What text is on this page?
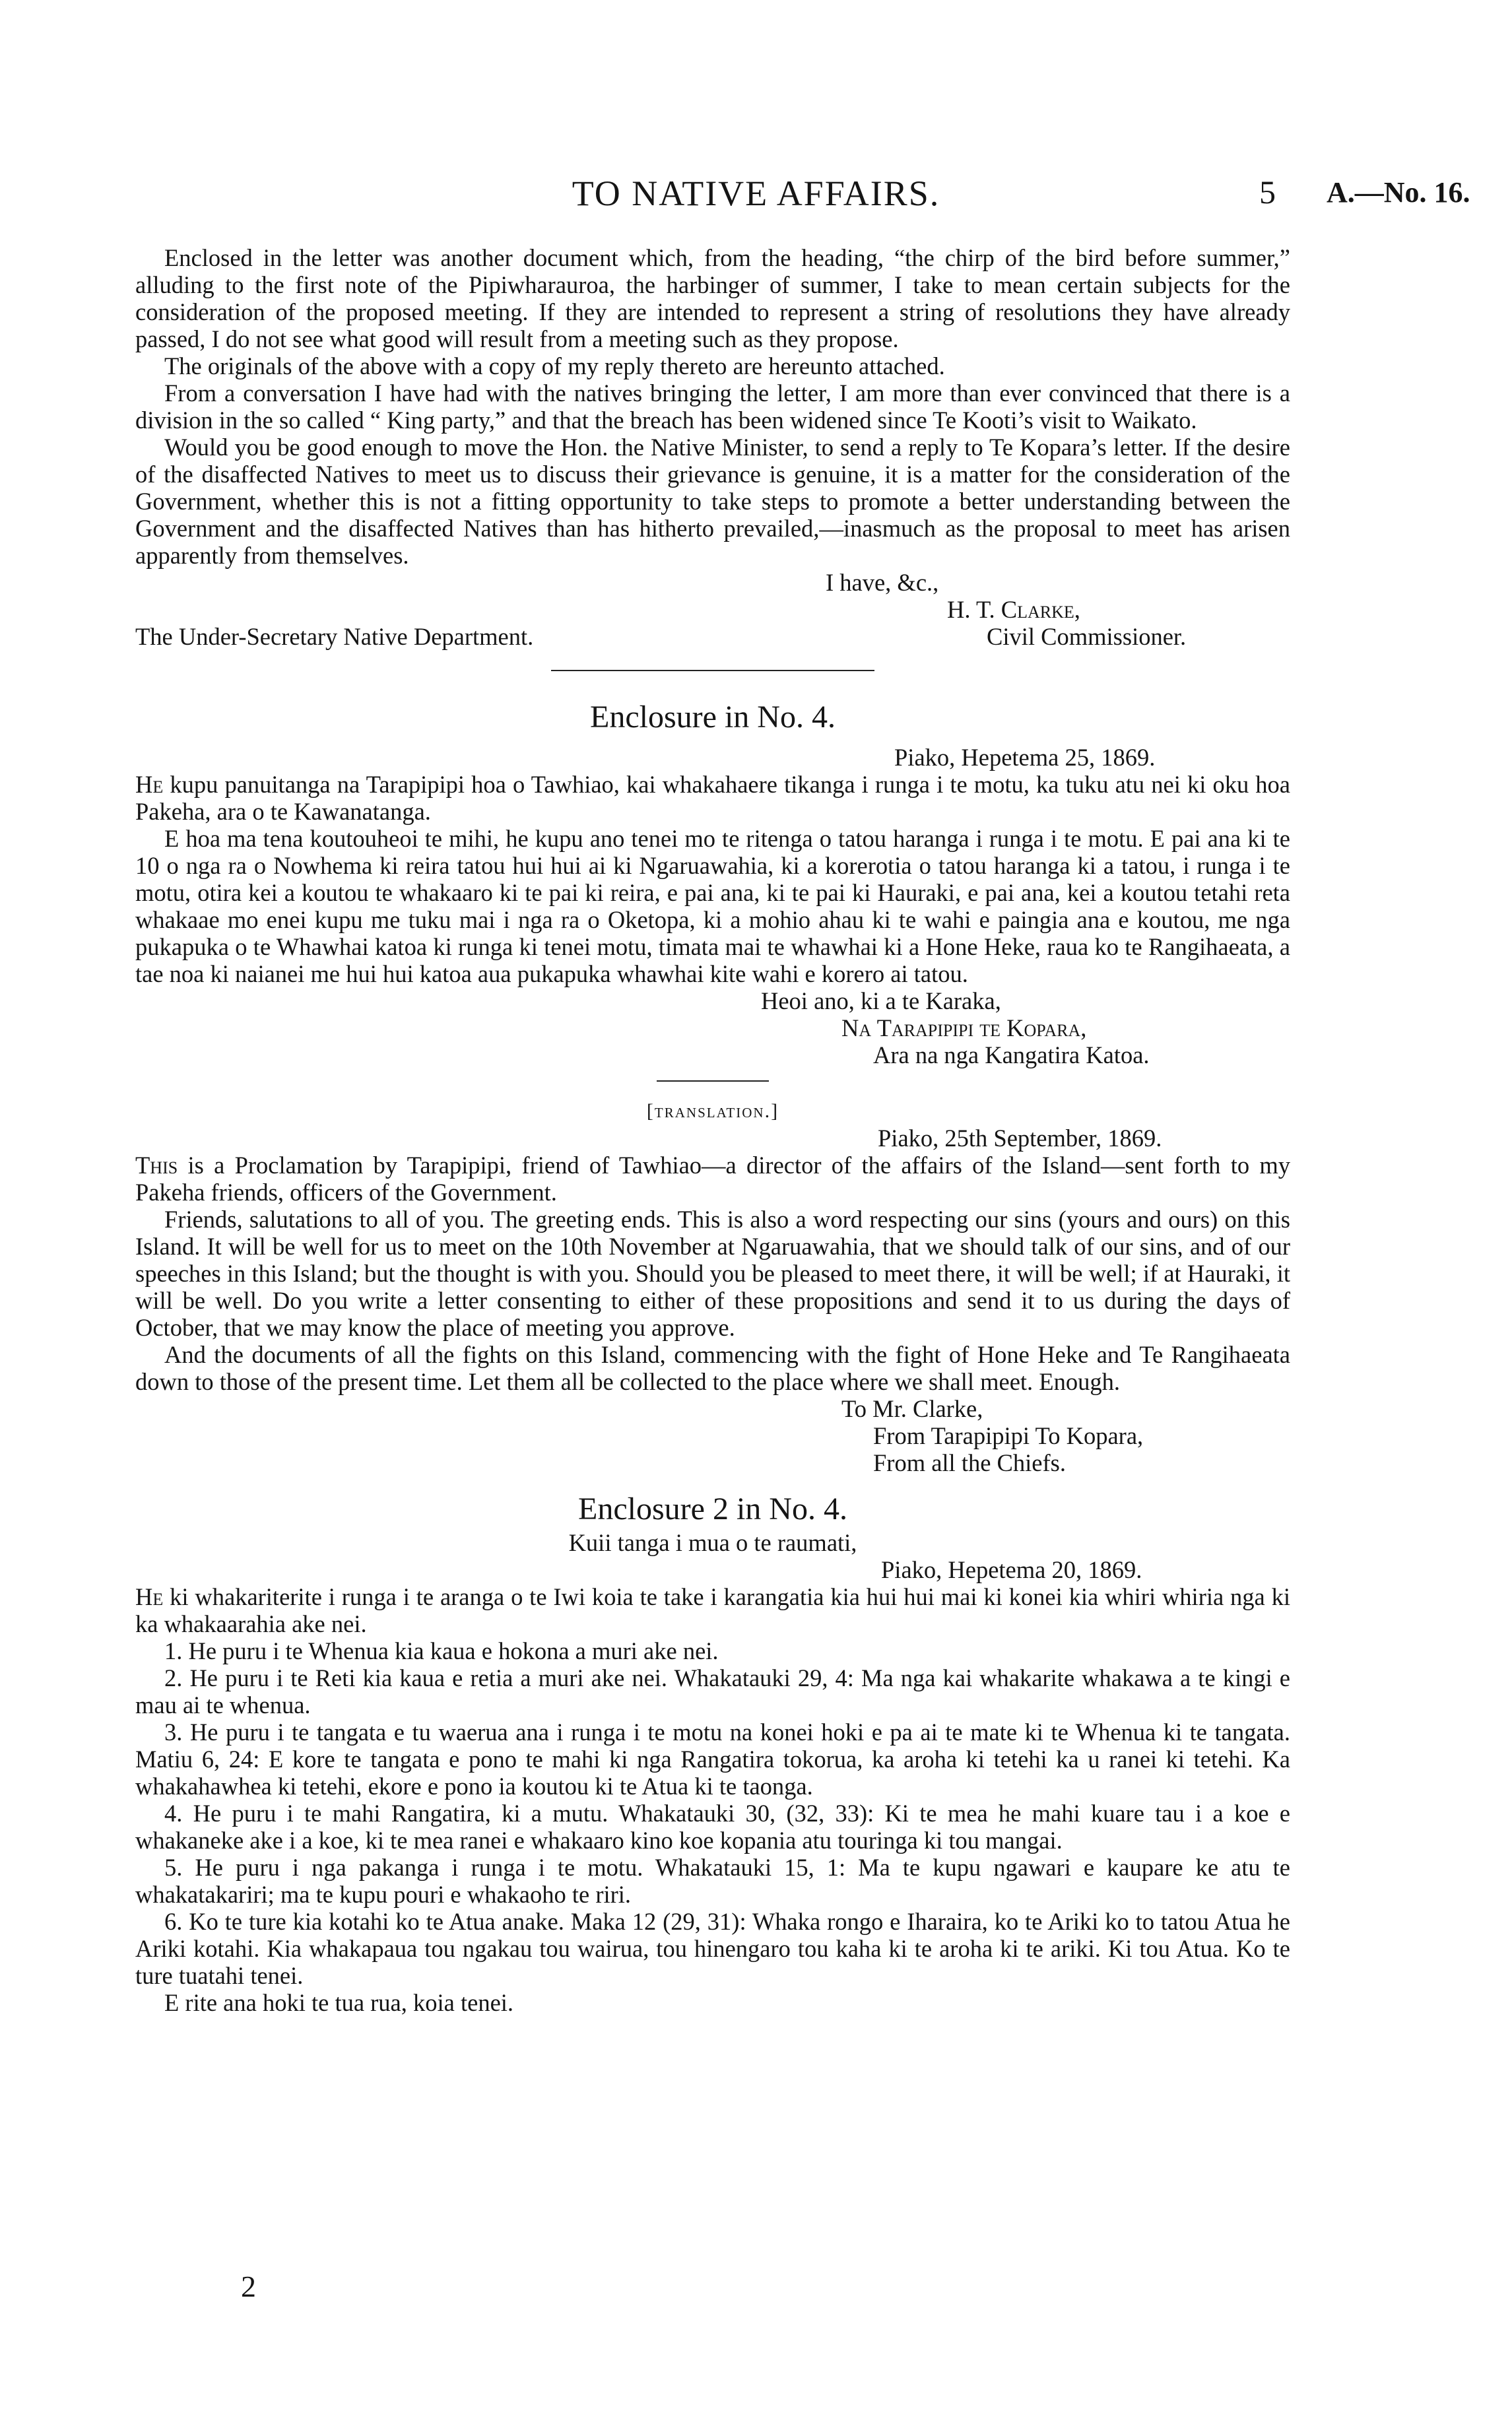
TO NATIVE AFFAIRS.	5 A.—No. 16.

Enclosed in the letter was another document which, from the heading, “the chirp of the bird before summer,” alluding to the first note of the Pipiwharauroa, the harbinger of summer, I take to mean certain subjects for the consideration of the proposed meeting. If they are intended to represent a string of resolutions they have already passed, I do not see what good will result from a meeting such as they propose.

The originals of the above with a copy of my reply thereto are hereunto attached.

From a conversation I have had with the natives bringing the letter, I am more than ever convinced that there is a division in the so called “ King party,” and that the breach has been widened since Te Kooti’s visit to Waikato.

Would you be good enough to move the Hon. the Native Minister, to send a reply to Te Kopara’s letter. If the desire of the disaffected Natives to meet us to discuss their grievance is genuine, it is a matter for the consideration of the Government, whether this is not a fitting opportunity to take steps to promote a better understanding between the Government and the disaffected Natives than has hitherto prevailed,—inasmuch as the proposal to meet has arisen apparently from themselves.

I have, &c.,
H. T. Clarke,
The Under-Secretary Native Department.	Civil Commissioner.

Enclosure in No. 4.

Piako, Hepetema 25, 1869.

He kupu panuitanga na Tarapipipi hoa o Tawhiao, kai whakahaere tikanga i runga i te motu, ka tuku atu nei ki oku hoa Pakeha, ara o te Kawanatanga.

E hoa ma tena koutouheoi te mihi, he kupu ano tenei mo te ritenga o tatou haranga i runga i te motu. E pai ana ki te 10 o nga ra o Nowhema ki reira tatou hui hui ai ki Ngaruawahia, ki a korerotia o tatou haranga ki a tatou, i runga i te motu, otira kei a koutou te whakaaro ki te pai ki reira, e pai ana, ki te pai ki Hauraki, e pai ana, kei a koutou tetahi reta whakaae mo enei kupu me tuku mai i nga ra o Oketopa, ki a mohio ahau ki te wahi e paingia ana e koutou, me nga pukapuka o te Whawhai katoa ki runga ki tenei motu, timata mai te whawhai ki a Hone Heke, raua ko te Rangihaeata, a tae noa ki naianei me hui hui katoa aua pukapuka whawhai kite wahi e korero ai tatou.

Heoi ano, ki a te Karaka,
Na Tarapipipi te Kopara,
Ara na nga Kangatira Katoa.

[translation.]

Piako, 25th September, 1869.

This is a Proclamation by Tarapipipi, friend of Tawhiao—a director of the affairs of the Island—sent forth to my Pakeha friends, officers of the Government.

Friends, salutations to all of you. The greeting ends. This is also a word respecting our sins (yours and ours) on this Island. It will be well for us to meet on the 10th November at Ngaruawahia, that we should talk of our sins, and of our speeches in this Island; but the thought is with you. Should you be pleased to meet there, it will be well; if at Hauraki, it will be well. Do you write a letter consenting to either of these propositions and send it to us during the days of October, that we may know the place of meeting you approve.

And the documents of all the fights on this Island, commencing with the fight of Hone Heke and Te Rangihaeata down to those of the present time. Let them all be collected to the place where we shall meet. Enough.

To Mr. Clarke,
From Tarapipipi To Kopara,
From all the Chiefs.

Enclosure 2 in No. 4.

Kuii tanga i mua o te raumati,

Piako, Hepetema 20, 1869.

He ki whakariterite i runga i te aranga o te Iwi koia te take i karangatia kia hui hui mai ki konei kia whiri whiria nga ki ka whakaarahia ake nei.

1. He puru i te Whenua kia kaua e hokona a muri ake nei.

2. He puru i te Reti kia kaua e retia a muri ake nei. Whakatauki 29, 4: Ma nga kai whakarite whakawa a te kingi e mau ai te whenua.

3. He puru i te tangata e tu waerua ana i runga i te motu na konei hoki e pa ai te mate ki te Whenua ki te tangata. Matiu 6, 24: E kore te tangata e pono te mahi ki nga Rangatira tokorua, ka aroha ki tetehi ka u ranei ki tetehi. Ka whakahawhea ki tetehi, ekore e pono ia koutou ki te Atua ki te taonga.

4. He puru i te mahi Rangatira, ki a mutu. Whakatauki 30, (32, 33): Ki te mea he mahi kuare tau i a koe e whakaneke ake i a koe, ki te mea ranei e whakaaro kino koe kopania atu touringa ki tou mangai.

5. He puru i nga pakanga i runga i te motu. Whakatauki 15, 1: Ma te kupu ngawari e kaupare ke atu te whakatakariri; ma te kupu pouri e whakaoho te riri.

6. Ko te ture kia kotahi ko te Atua anake. Maka 12 (29, 31): Whaka rongo e Iharaira, ko te Ariki ko to tatou Atua he Ariki kotahi. Kia whakapaua tou ngakau tou wairua, tou hinengaro tou kaha ki te aroha ki te ariki. Ki tou Atua. Ko te ture tuatahi tenei.

E rite ana hoki te tua rua, koia tenei.

2
